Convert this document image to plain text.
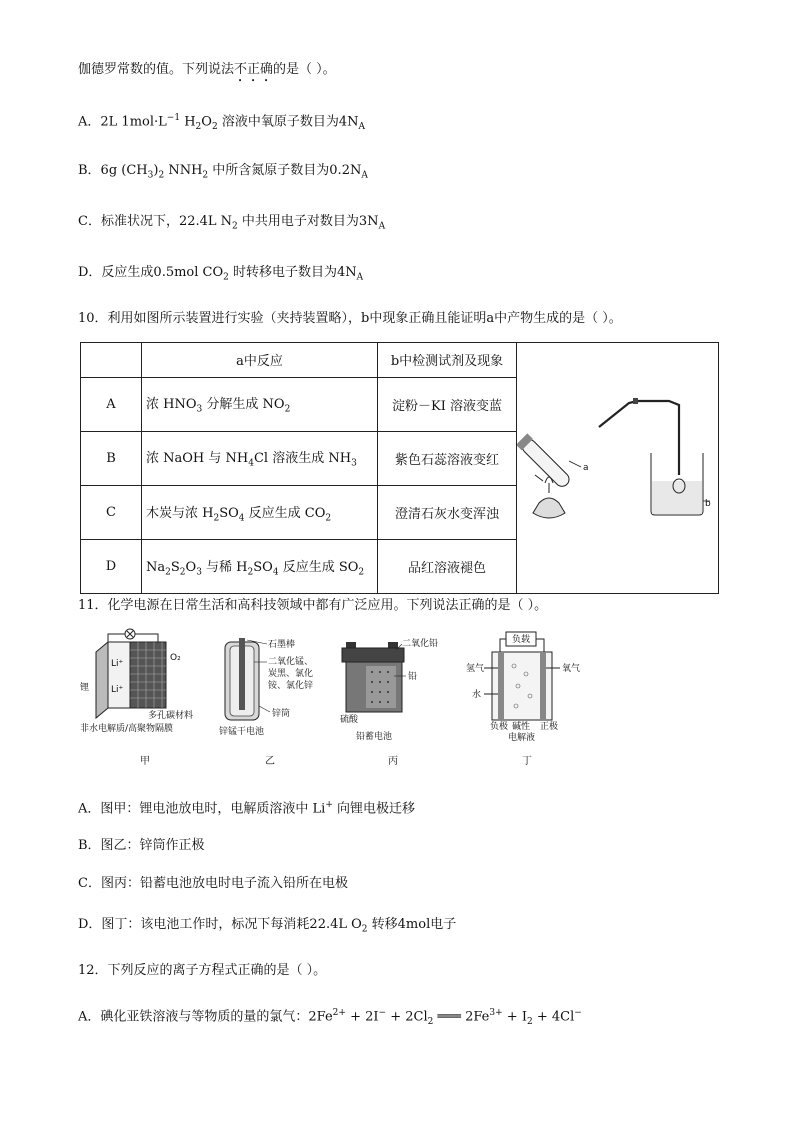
伽德罗常数的值。下列说法不正确的是（ ）。
A．2L $1mol\cdot L^{-1}$ $H_2O_2$ 溶液中氧原子数目为$4N_A$
B．6g $(CH_3)_2$ $NNH_2$ 中所含氮原子数目为$0.2N_A$
C．标准状况下，22.4L $N_2$ 中共用电子对数目为$3N_A$
D．反应生成0.5mol $CO_2$ 时转移电子数目为$4N_A$
10．利用如图所示装置进行实验（夹持装置略），b中现象正确且能证明a中产物生成的是（ ）。
	a中反应	b中检测试剂及现象	a
b

A	浓 $HNO_3$ 分解生成 $NO_2$	淀粉－KI 溶液变蓝	
B	浓 NaOH 与 $NH_4Cl$ 溶液生成 $NH_3$	紫色石蕊溶液变红	
C	木炭与浓 $H_2SO_4$ 反应生成 $CO_2$	澄清石灰水变浑浊	
D	$Na_2S_2O_3$ 与稀 $H_2SO_4$ 反应生成 $SO_2$	品红溶液褪色	
11．化学电源在日常生活和高科技领域中都有广泛应用。下列说法正确的是（ ）。
Li⁺
Li⁺
锂
O₂
多孔碳材料
非水电解质/高聚物隔膜
甲
石墨棒
二氧化锰、
炭黑、氯化
铵、氯化锌
锌筒
锌锰干电池
乙
二氧化铅
铅
硫酸
铅蓄电池
丙
负载
氢气
水
氧气
负极 碱性 正极
电解液
丁
A．图甲：锂电池放电时，电解质溶液中 Li+ 向锂电极迁移
B．图乙：锌筒作正极
C．图丙：铅蓄电池放电时电子流入铅所在电极
D．图丁：该电池工作时，标况下每消耗22.4L $O_2$ 转移4mol电子
12．下列反应的离子方程式正确的是（ ）。
A．碘化亚铁溶液与等物质的量的氯气：$2Fe^{2+} + 2I^- + 2Cl_2$ ═══ $2Fe^{3+} + I_2 + 4Cl^-$
